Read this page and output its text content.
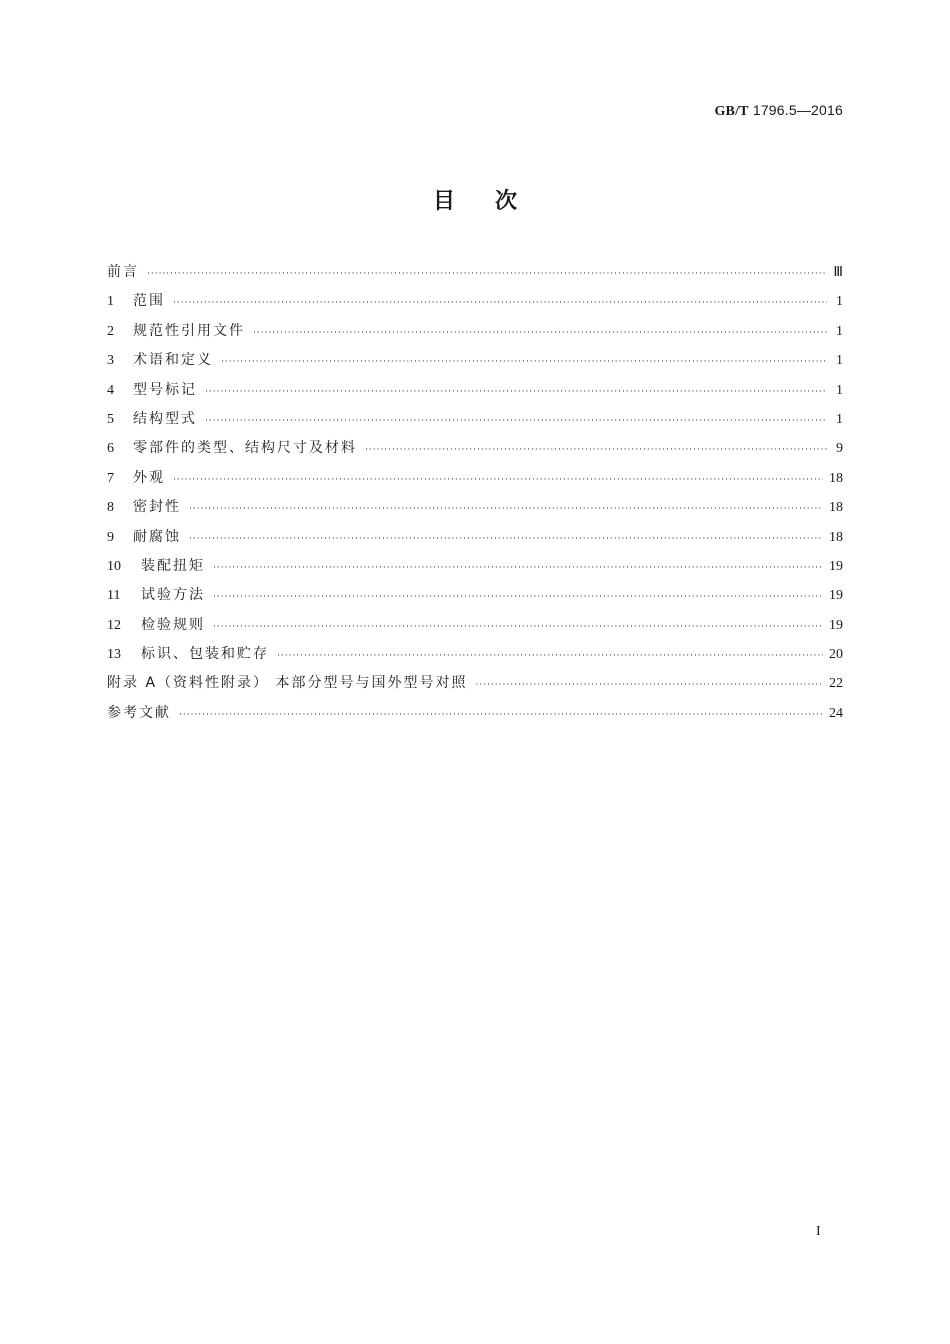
GB/T 1796.5—2016
目次
前言 ·····	Ⅲ
1	范围 ·····	1
2	规范性引用文件 ·····	1
3	术语和定义 ·····	1
4	型号标记 ·····	1
5	结构型式 ·····	1
6	零部件的类型、结构尺寸及材料 ·····	9
7	外观 ·····	18
8	密封性 ·····	18
9	耐腐蚀 ·····	18
10	装配扭矩 ·····	19
11	试验方法 ·····	19
12	检验规则 ·····	19
13	标识、包装和贮存 ·····	20
附录 A（资料性附录） 本部分型号与国外型号对照 ·····	22
参考文献 ·····	24
I
